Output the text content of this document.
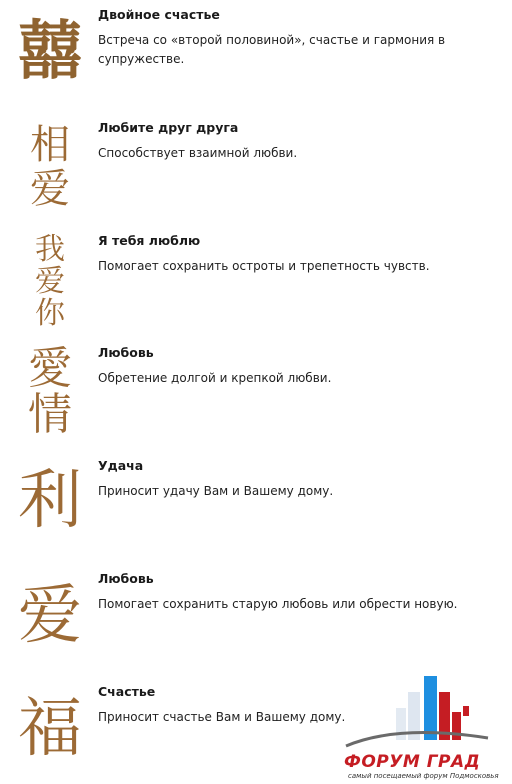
囍	Двойное счастье
Встреча со «второй половиной», счастье и гармония в супружестве.
相爱
Любите друг друга
Способствует взаимной любви.
我爱你
Я тебя люблю
Помогает сохранить остроты и трепетность чувств.
愛情
Любовь
Обретение долгой и крепкой любви.
利	Удача
Приносит удачу Вам и Вашему дому.
爱
Любовь
Помогает сохранить старую любовь или обрести новую.
福
Счастье
Приносит счастье Вам и Вашему дому.
ФОРУМ ГРАД
самый посещаемый форум Подмосковья
